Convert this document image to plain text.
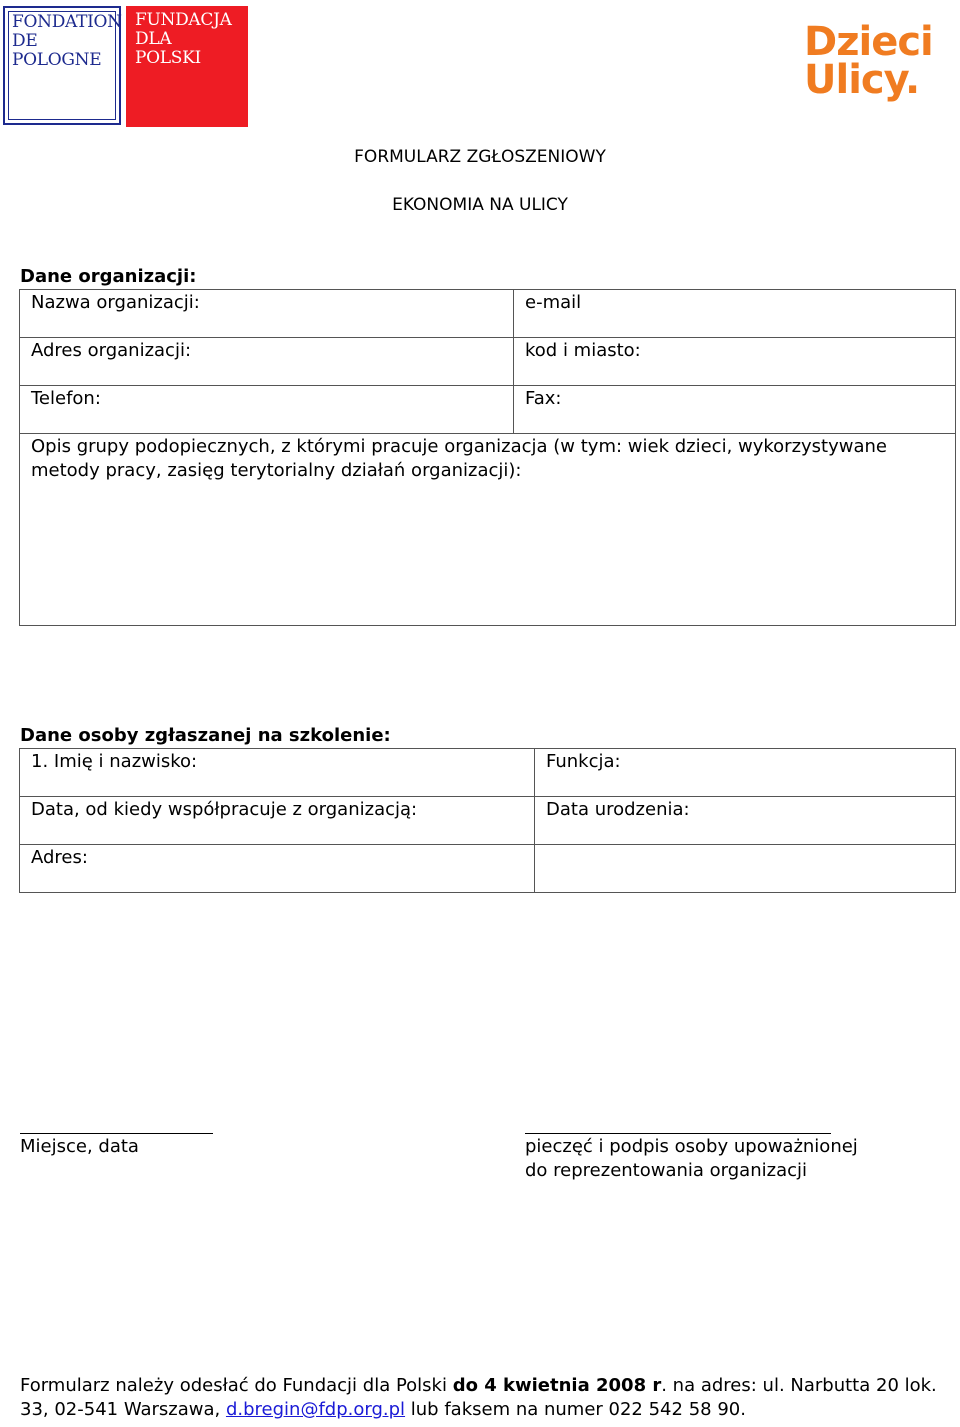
FONDATION
DE
POLOGNE
FUNDACJA
DLA
POLSKI	Dzieci
Ulicy.
FORMULARZ ZGŁOSZENIOWY
EKONOMIA NA ULICY
Dane organizacji:
Nazwa organizacji:	e-mail

Adres organizacji:	kod i miasto:

Telefon:	Fax:

Opis grupy podopiecznych, z którymi pracuje organizacja (w tym: wiek dzieci, wykorzystywane metody pracy, zasięg terytorialny działań organizacji):	
Dane osoby zgłaszanej na szkolenie:
1. Imię i nazwisko:	Funkcja:

Data, od kiedy współpracuje z organizacją:	Data urodzenia:

Adres:	

Miejsce, data	pieczęć i podpis osoby upoważnionej
do reprezentowania organizacji
Formularz należy odesłać do Fundacji dla Polski do 4 kwietnia 2008 r. na adres: ul. Narbutta 20 lok. 33, 02-541 Warszawa, d.bregin@fdp.org.pl lub faksem na numer 022 542 58 90.
